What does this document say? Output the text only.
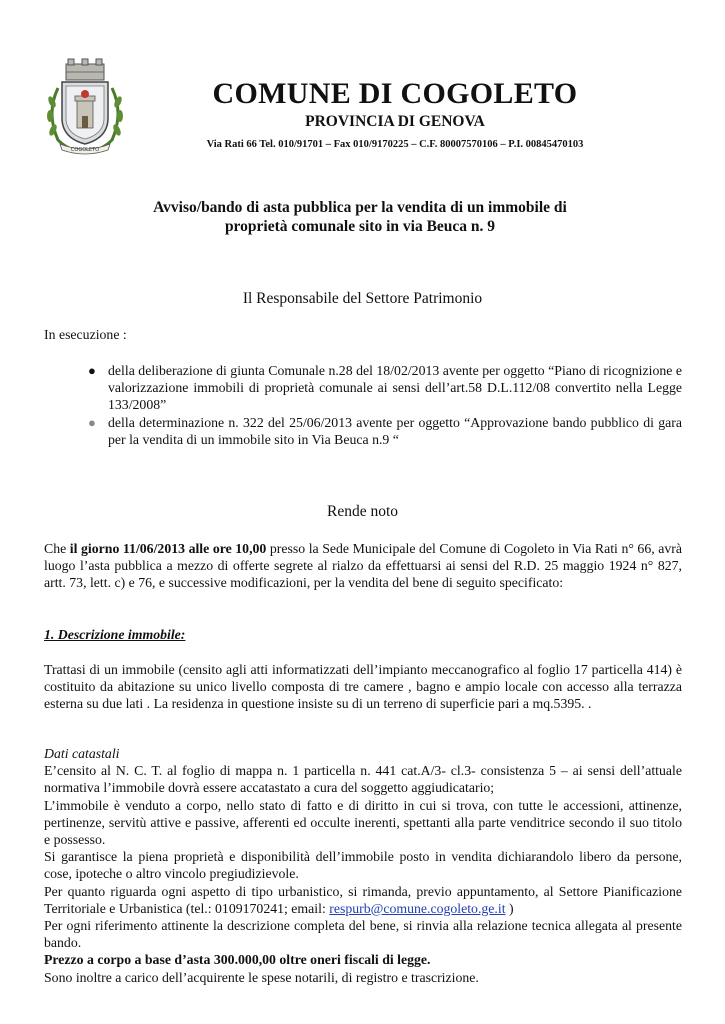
COGOLETO
COMUNE DI COGOLETO
PROVINCIA DI GENOVA
Via Rati 66 Tel. 010/91701 – Fax 010/9170225 – C.F. 80007570106 – P.I. 00845470103
Avviso/bando di asta pubblica per la vendita di un immobile di
proprietà comunale sito in via Beuca n. 9
Il Responsabile del Settore Patrimonio
In esecuzione :
● della deliberazione di giunta Comunale n.28 del 18/02/2013 avente per oggetto “Piano di ricognizione e valorizzazione immobili di proprietà comunale ai sensi dell’art.58 D.L.112/08 convertito nella Legge 133/2008”
● della determinazione n. 322 del 25/06/2013 avente per oggetto “Approvazione bando pubblico di gara per la vendita di un immobile sito in Via Beuca n.9 “
Rende noto
Che il giorno 11/06/2013 alle ore 10,00 presso la Sede Municipale del Comune di Cogoleto in Via Rati n° 66, avrà luogo l’asta pubblica a mezzo di offerte segrete al rialzo da effettuarsi ai sensi del R.D. 25 maggio 1924 n° 827, artt. 73, lett. c) e 76, e successive modificazioni, per la vendita del bene di seguito specificato:
1. Descrizione immobile:
Trattasi di un immobile (censito agli atti informatizzati dell’impianto meccanografico al foglio 17 particella 414) è costituito da abitazione su unico livello composta di tre camere , bagno e ampio locale con accesso alla terrazza esterna su due lati . La residenza in questione insiste su di un terreno di superficie pari a mq.5395. .
Dati catastali
E’censito al N. C. T. al foglio di mappa n. 1 particella n. 441 cat.A/3- cl.3- consistenza 5 – ai sensi dell’attuale normativa l’immobile dovrà essere accatastato a cura del soggetto aggiudicatario;
L’immobile è venduto a corpo, nello stato di fatto e di diritto in cui si trova, con tutte le accessioni, attinenze, pertinenze, servitù attive e passive, afferenti ed occulte inerenti, spettanti alla parte venditrice secondo il suo titolo e possesso.
Si garantisce la piena proprietà e disponibilità dell’immobile posto in vendita dichiarandolo libero da persone, cose, ipoteche o altro vincolo pregiudizievole.
Per quanto riguarda ogni aspetto di tipo urbanistico, si rimanda, previo appuntamento, al Settore Pianificazione Territoriale e Urbanistica (tel.: 0109170241; email: respurb@comune.cogoleto.ge.it )
Per ogni riferimento attinente la descrizione completa del bene, si rinvia alla relazione tecnica allegata al presente bando.
Prezzo a corpo a base d’asta 300.000,00 oltre oneri fiscali di legge.
Sono inoltre a carico dell’acquirente le spese notarili, di registro e trascrizione.
